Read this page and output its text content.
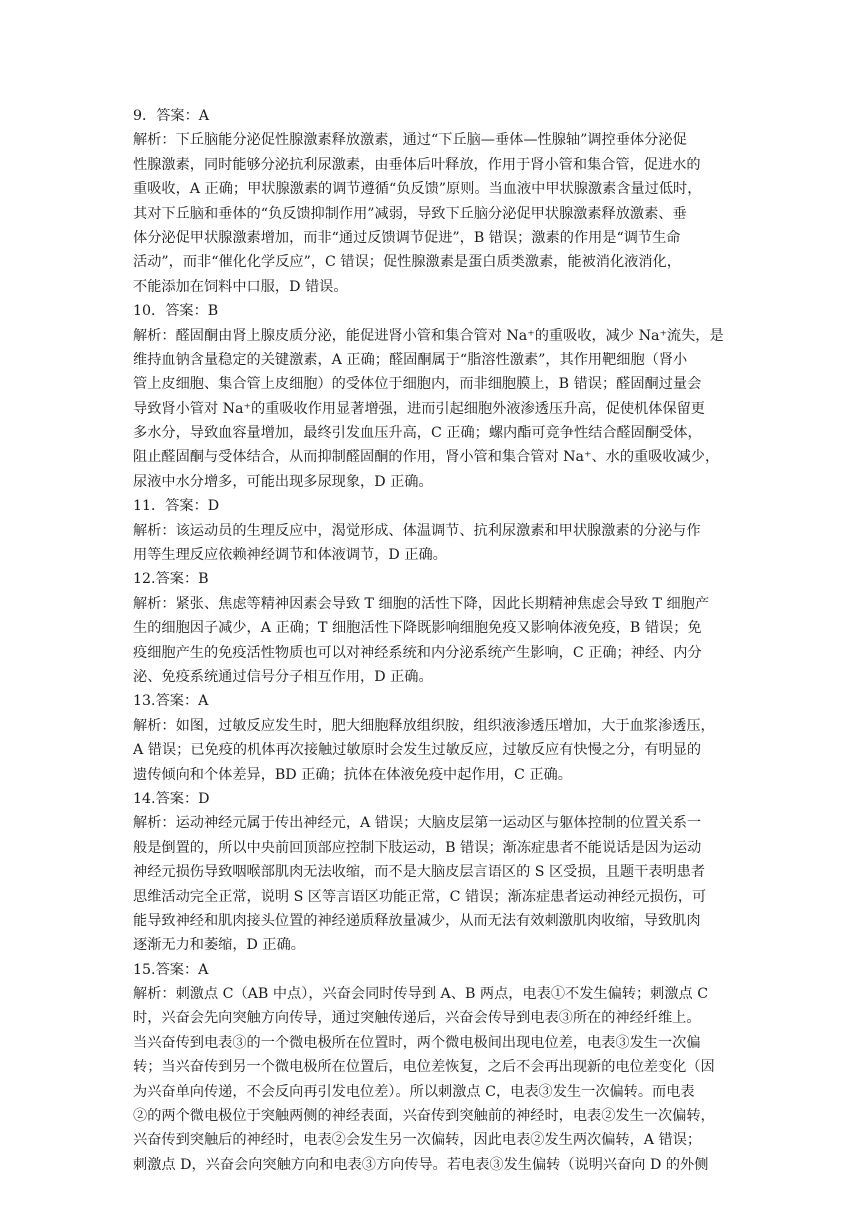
9．答案：A
解析：下丘脑能分泌促性腺激素释放激素，通过“下丘脑—垂体—性腺轴”调控垂体分泌促
性腺激素，同时能够分泌抗利尿激素，由垂体后叶释放，作用于肾小管和集合管，促进水的
重吸收，A 正确；甲状腺激素的调节遵循“负反馈”原则。当血液中甲状腺激素含量过低时，
其对下丘脑和垂体的“负反馈抑制作用”减弱，导致下丘脑分泌促甲状腺激素释放激素、垂
体分泌促甲状腺激素增加，而非“通过反馈调节促进”，B 错误；激素的作用是“调节生命
活动”，而非“催化化学反应”，C 错误；促性腺激素是蛋白质类激素，能被消化液消化，
不能添加在饲料中口服，D 错误。
10．答案：B
解析：醛固酮由肾上腺皮质分泌，能促进肾小管和集合管对 Na⁺的重吸收，减少 Na⁺流失，是
维持血钠含量稳定的关键激素，A 正确；醛固酮属于“脂溶性激素”，其作用靶细胞（肾小
管上皮细胞、集合管上皮细胞）的受体位于细胞内，而非细胞膜上，B 错误；醛固酮过量会
导致肾小管对 Na⁺的重吸收作用显著增强，进而引起细胞外液渗透压升高，促使机体保留更
多水分，导致血容量增加，最终引发血压升高，C 正确；螺内酯可竞争性结合醛固酮受体，
阻止醛固酮与受体结合，从而抑制醛固酮的作用，肾小管和集合管对 Na⁺、水的重吸收减少，
尿液中水分增多，可能出现多尿现象，D 正确。
11．答案：D
解析：该运动员的生理反应中，渴觉形成、体温调节、抗利尿激素和甲状腺激素的分泌与作
用等生理反应依赖神经调节和体液调节，D 正确。
12.答案：B
解析：紧张、焦虑等精神因素会导致 T 细胞的活性下降，因此长期精神焦虑会导致 T 细胞产
生的细胞因子减少，A 正确；T 细胞活性下降既影响细胞免疫又影响体液免疫，B 错误；免
疫细胞产生的免疫活性物质也可以对神经系统和内分泌系统产生影响，C 正确；神经、内分
泌、免疫系统通过信号分子相互作用，D 正确。
13.答案：A
解析：如图，过敏反应发生时，肥大细胞释放组织胺，组织液渗透压增加，大于血浆渗透压，
A 错误；已免疫的机体再次接触过敏原时会发生过敏反应，过敏反应有快慢之分，有明显的
遗传倾向和个体差异，BD 正确；抗体在体液免疫中起作用，C 正确。
14.答案：D
解析：运动神经元属于传出神经元，A 错误；大脑皮层第一运动区与躯体控制的位置关系一
般是倒置的，所以中央前回顶部应控制下肢运动，B 错误；渐冻症患者不能说话是因为运动
神经元损伤导致咽喉部肌肉无法收缩，而不是大脑皮层言语区的 S 区受损，且题干表明患者
思维活动完全正常，说明 S 区等言语区功能正常，C 错误；渐冻症患者运动神经元损伤，可
能导致神经和肌肉接头位置的神经递质释放量减少，从而无法有效刺激肌肉收缩，导致肌肉
逐渐无力和萎缩，D 正确。
15.答案：A
解析：刺激点 C（AB 中点），兴奋会同时传导到 A、B 两点，电表①不发生偏转；刺激点 C
时，兴奋会先向突触方向传导，通过突触传递后，兴奋会传导到电表③所在的神经纤维上。
当兴奋传到电表③的一个微电极所在位置时，两个微电极间出现电位差，电表③发生一次偏
转；当兴奋传到另一个微电极所在位置后，电位差恢复，之后不会再出现新的电位差变化（因
为兴奋单向传递，不会反向再引发电位差）。所以刺激点 C，电表③发生一次偏转。而电表
②的两个微电极位于突触两侧的神经表面，兴奋传到突触前的神经时，电表②发生一次偏转，
兴奋传到突触后的神经时，电表②会发生另一次偏转，因此电表②发生两次偏转，A 错误；
刺激点 D，兴奋会向突触方向和电表③方向传导。若电表③发生偏转（说明兴奋向 D 的外侧
